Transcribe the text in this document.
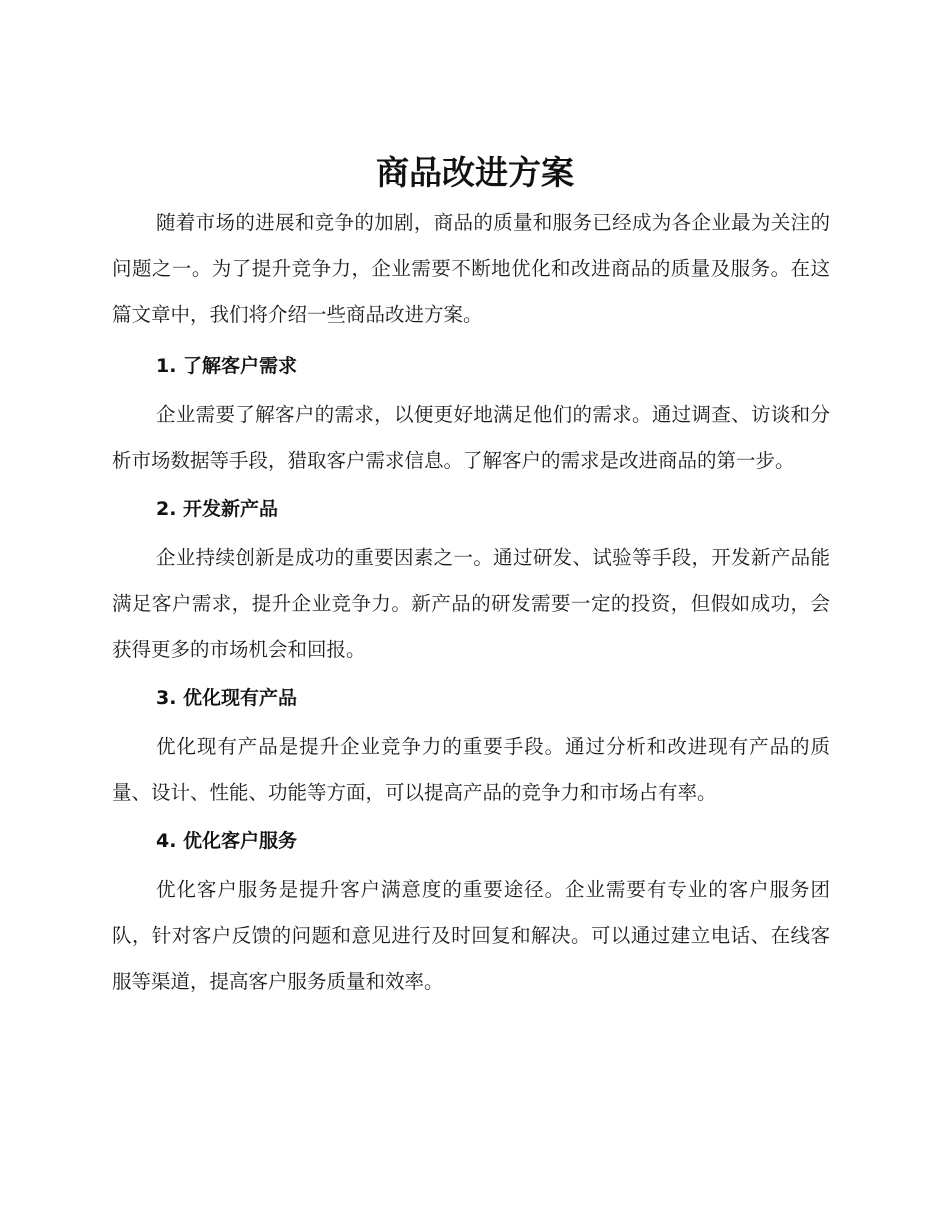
商品改进方案

随着市场的进展和竞争的加剧，商品的质量和服务已经成为各企业最为关注的问题之一。为了提升竞争力，企业需要不断地优化和改进商品的质量及服务。在这篇文章中，我们将介绍一些商品改进方案。

1. 了解客户需求

企业需要了解客户的需求，以便更好地满足他们的需求。通过调查、访谈和分析市场数据等手段，猎取客户需求信息。了解客户的需求是改进商品的第一步。

2. 开发新产品

企业持续创新是成功的重要因素之一。通过研发、试验等手段，开发新产品能满足客户需求，提升企业竞争力。新产品的研发需要一定的投资，但假如成功，会获得更多的市场机会和回报。

3. 优化现有产品

优化现有产品是提升企业竞争力的重要手段。通过分析和改进现有产品的质量、设计、性能、功能等方面，可以提高产品的竞争力和市场占有率。

4. 优化客户服务

优化客户服务是提升客户满意度的重要途径。企业需要有专业的客户服务团队，针对客户反馈的问题和意见进行及时回复和解决。可以通过建立电话、在线客服等渠道，提高客户服务质量和效率。
